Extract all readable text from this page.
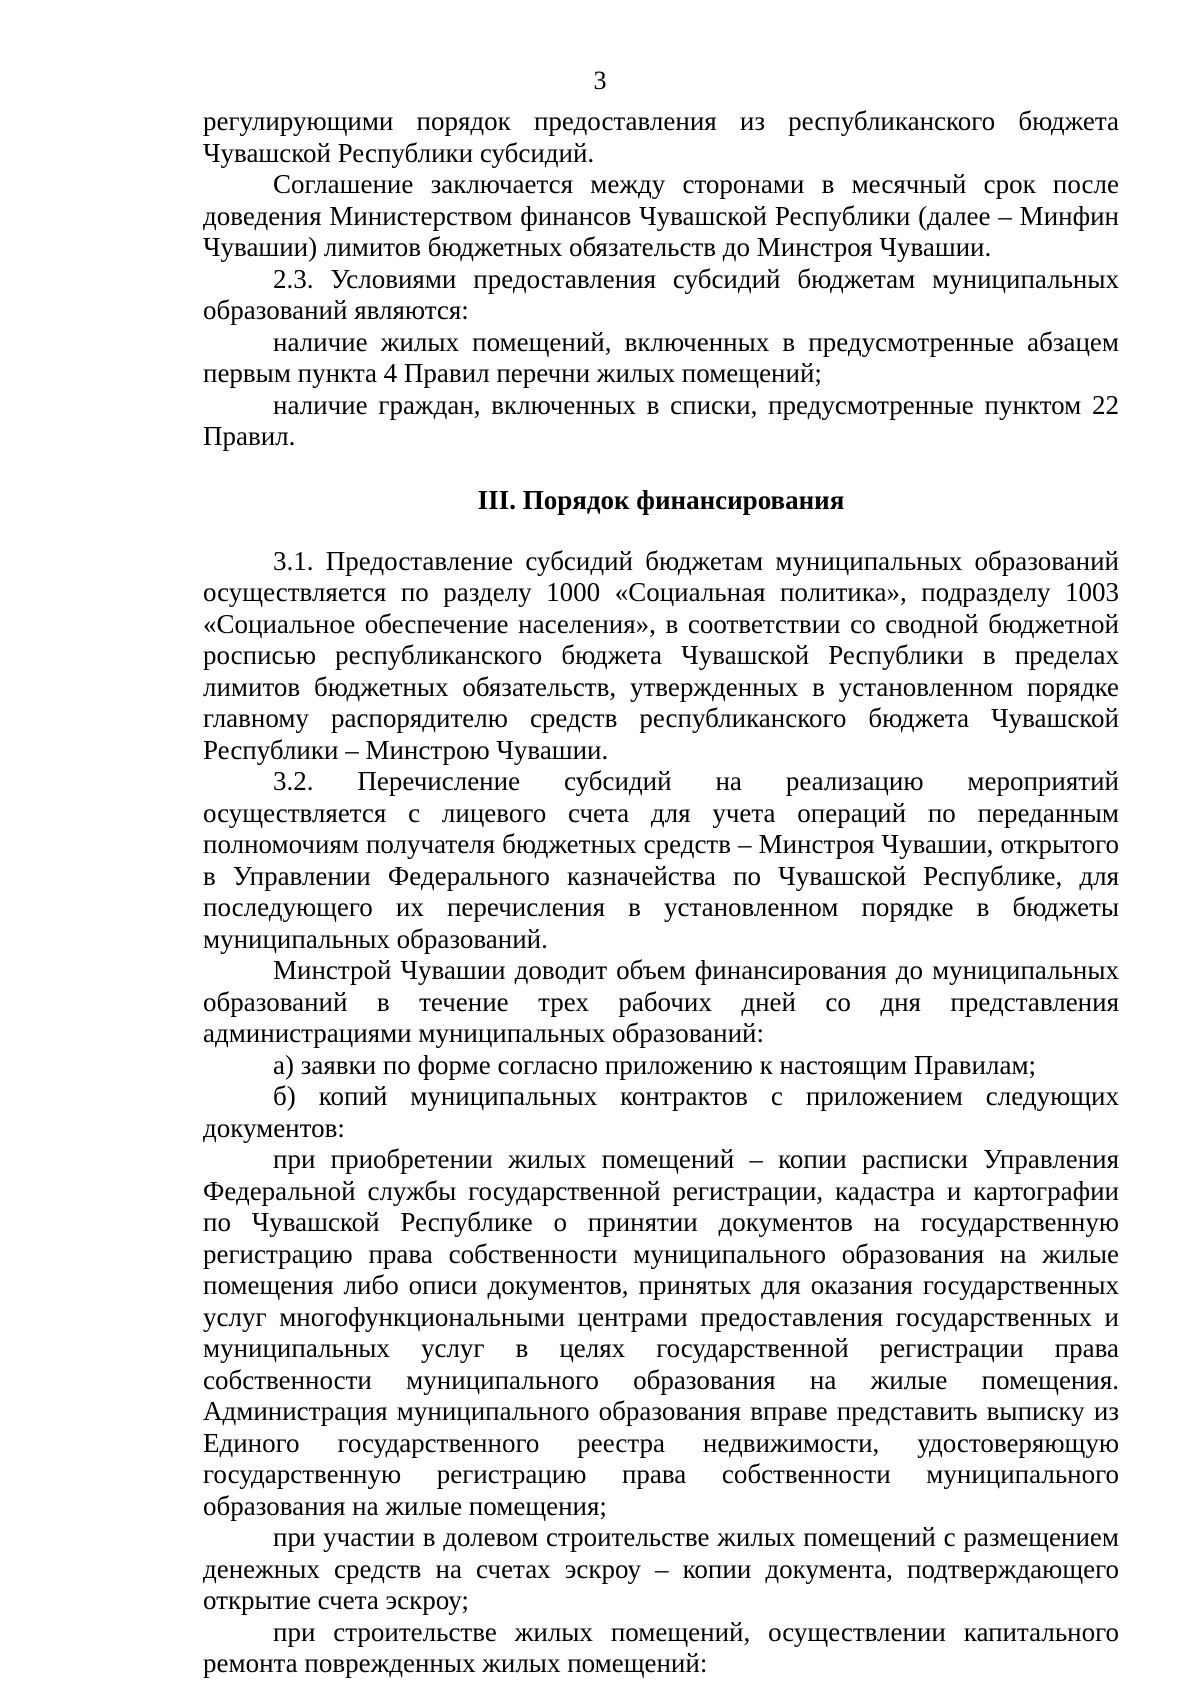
3

регулирующими порядок предоставления из республиканского бюджета Чувашской Республики субсидий.

Соглашение заключается между сторонами в месячный срок после доведения Министерством финансов Чувашской Республики (далее – Минфин Чувашии) лимитов бюджетных обязательств до Минстроя Чувашии.

2.3. Условиями предоставления субсидий бюджетам муниципальных образований являются:

наличие жилых помещений, включенных в предусмотренные абзацем первым пункта 4 Правил перечни жилых помещений;

наличие граждан, включенных в списки, предусмотренные пунктом 22 Правил.

III. Порядок финансирования

3.1. Предоставление субсидий бюджетам муниципальных образований осуществляется по разделу 1000 «Социальная политика», подразделу 1003 «Социальное обеспечение населения», в соответствии со сводной бюджетной росписью республиканского бюджета Чувашской Республики в пределах лимитов бюджетных обязательств, утвержденных в установленном порядке главному распорядителю средств республиканского бюджета Чувашской Республики – Минстрою Чувашии.

3.2. Перечисление субсидий на реализацию мероприятий осуществляется с лицевого счета для учета операций по переданным полномочиям получателя бюджетных средств – Минстроя Чувашии, открытого в Управлении Федерального казначейства по Чувашской Республике, для последующего их перечисления в установленном порядке в бюджеты муниципальных образований.

Минстрой Чувашии доводит объем финансирования до муниципальных образований в течение трех рабочих дней со дня представления администрациями муниципальных образований:

а) заявки по форме согласно приложению к настоящим Правилам;

б) копий муниципальных контрактов с приложением следующих документов:

при приобретении жилых помещений – копии расписки Управления Федеральной службы государственной регистрации, кадастра и картографии по Чувашской Республике о принятии документов на государственную регистрацию права собственности муниципального образования на жилые помещения либо описи документов, принятых для оказания государственных услуг многофункциональными центрами предоставления государственных и муниципальных услуг в целях государственной регистрации права собственности муниципального образования на жилые помещения. Администрация муниципального образования вправе представить выписку из Единого государственного реестра недвижимости, удостоверяющую государственную регистрацию права собственности муниципального образования на жилые помещения;

при участии в долевом строительстве жилых помещений с размещением денежных средств на счетах эскроу – копии документа, подтверждающего открытие счета эскроу;

при строительстве жилых помещений, осуществлении капитального ремонта поврежденных жилых помещений:
